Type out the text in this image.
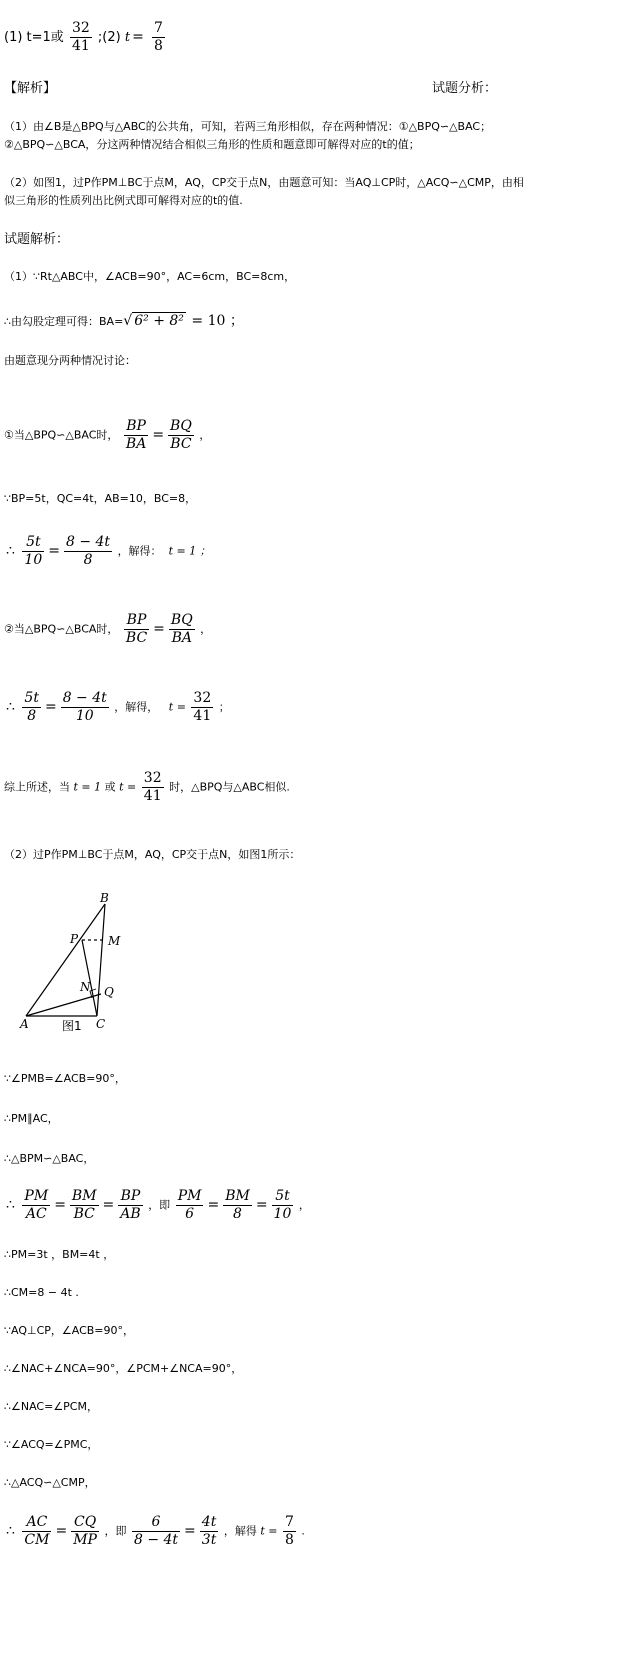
(1) t=1或 $\frac{32}{41}$ ;(2) $t = \frac{7}{8}$
【解析】	试题分析：
（1）由∠B是△BPQ与△ABC的公共角，可知，若两三角形相似，存在两种情况：①△BPQ∽△BAC；
②△BPQ∽△BCA，分这两种情况结合相似三角形的性质和题意即可解得对应的t的值；
（2）如图1，过P作PM⊥BC于点M，AQ，CP交于点N，由题意可知：当AQ⊥CP时，△ACQ∽△CMP，由相
似三角形的性质列出比例式即可解得对应的t的值.
试题解析：
（1）∵Rt△ABC中，∠ACB=90°，AC=6cm，BC=8cm，
∴由勾股定理可得：BA=√ 6² + 8² = 10 ；
由题意现分两种情况讨论：
①当△BPQ∽△BAC时， $\frac{BP}{BA} = \frac{BQ}{BC}$ ，
∵BP=5t，QC=4t，AB=10，BC=8，
∴ $\frac{5t}{10} = \frac{8 - 4t}{8}$ ，解得： t = 1 ；
②当△BPQ∽△BCA时， $\frac{BP}{BC} = \frac{BQ}{BA}$ ，
∴ $\frac{5t}{8} = \frac{8 - 4t}{10}$ ，解得， $t = \frac{32}{41}$ ；
综上所述，当 t = 1 或 $t = \frac{32}{41}$ 时，△BPQ与△ABC相似.
（2）过P作PM⊥BC于点M，AQ，CP交于点N，如图1所示：
B
P M
N Q
A	C
图1
∵∠PMB=∠ACB=90°，
∴PM∥AC，
∴△BPM∽△BAC，
∴ $\frac{PM}{AC} = \frac{BM}{BC} = \frac{BP}{AB}$ ，即 $\frac{PM}{6} = \frac{BM}{8} = \frac{5t}{10}$ ，
∴PM=3t ，BM=4t ，
∴CM=8 − 4t .
∵AQ⊥CP，∠ACB=90°，
∴∠NAC+∠NCA=90°，∠PCM+∠NCA=90°，
∴∠NAC=∠PCM，
∵∠ACQ=∠PMC，
∴△ACQ∽△CMP，
∴ $\frac{AC}{CM} = \frac{CQ}{MP}$ ，即 $\frac{6}{8 - 4t} = \frac{4t}{3t}$ ，解得 $t = \frac{7}{8}$ .
